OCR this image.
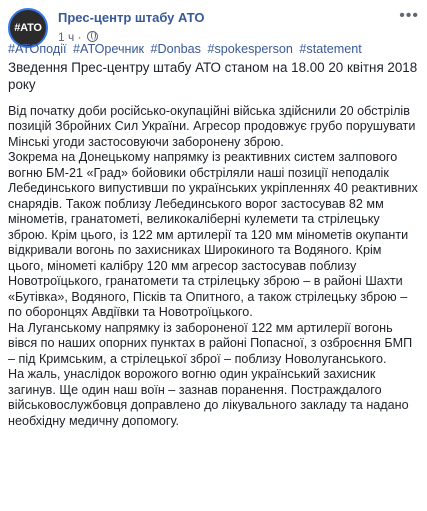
#ATO
Прес-центр штабу АТО
1 ч ·
•••
#АТОподії #АТОречник #Donbas #spokesperson #statement
Зведення Прес-центру штабу АТО станом на 18.00 20 квітня 2018 року
Від початку доби російсько-окупаційні війська здійснили 20 обстрілів позицій Збройних Сил України. Агресор продовжує грубо порушувати Мінські угоди застосовуючи заборонену зброю.
Зокрема на Донецькому напрямку із реактивних систем залпового вогню БМ-21 «Град» бойовики обстріляли наші позиції неподалік Лебединського випустивши по українських укріпленнях 40 реактивних снарядів. Також поблизу Лебединського ворог застосував 82 мм мінометів, гранатометі, великокаліберні кулемети та стрілецьку зброю. Крім цього, із 122 мм артилерії та 120 мм мінометів окупанти відкривали вогонь по захисниках Широкиного та Водяного. Крім цього, мінометі калібру 120 мм агресор застосував поблизу Новотроїцького, гранатомети та стрілецьку зброю – в районі Шахти «Бутівка», Водяного, Пісків та Опитного, а також стрілецьку зброю – по оборонцях Авдіївки та Новотроїцького.
На Луганському напрямку із забороненої 122 мм артилерії вогонь вівся по наших опорних пунктах в районі Попасної, з озброєння БМП – під Кримським, а стрілецької зброї – поблизу Новолуганського.
На жаль, унаслідок ворожого вогню один український захисник загинув. Ще один наш воїн – зазнав поранення. Постраждалого військовослужбовця доправлено до лікувального закладу та надано необхідну медичну допомогу.
